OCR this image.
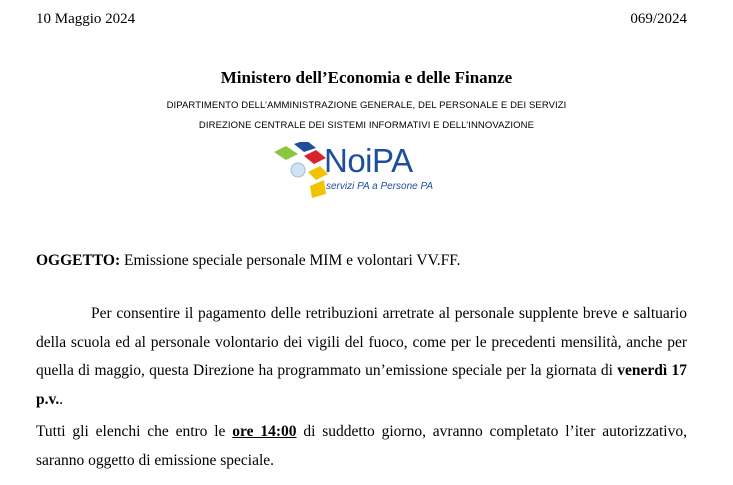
10 Maggio 2024	069/2024
Ministero dell’Economia e delle Finanze
DIPARTIMENTO DELL’AMMINISTRAZIONE GENERALE, DEL PERSONALE E DEI SERVIZI
DIREZIONE CENTRALE DEI SISTEMI INFORMATIVI E DELL’INNOVAZIONE
NoiPA
servizi PA a Persone PA
OGGETTO: Emissione speciale personale MIM e volontari VV.FF.
Per consentire il pagamento delle retribuzioni arretrate al personale supplente breve e saltuario della scuola ed al personale volontario dei vigili del fuoco, come per le precedenti mensilità, anche per quella di maggio, questa Direzione ha programmato un’emissione speciale per la giornata di venerdì 17 p.v..
Tutti gli elenchi che entro le ore 14:00 di suddetto giorno, avranno completato l’iter autorizzativo, saranno oggetto di emissione speciale.
